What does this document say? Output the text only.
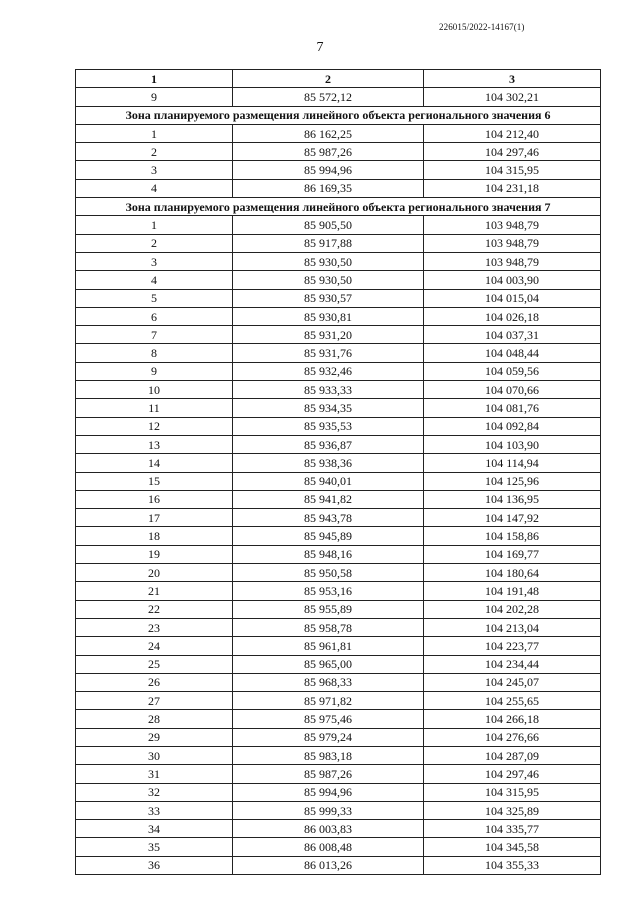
226015/2022-14167(1)
7
1	2	3
9	85 572,12	104 302,21
Зона планируемого размещения линейного объекта регионального значения 6		
1	86 162,25	104 212,40
2	85 987,26	104 297,46
3	85 994,96	104 315,95
4	86 169,35	104 231,18
Зона планируемого размещения линейного объекта регионального значения 7		
1	85 905,50	103 948,79
2	85 917,88	103 948,79
3	85 930,50	103 948,79
4	85 930,50	104 003,90
5	85 930,57	104 015,04
6	85 930,81	104 026,18
7	85 931,20	104 037,31
8	85 931,76	104 048,44
9	85 932,46	104 059,56
10	85 933,33	104 070,66
11	85 934,35	104 081,76
12	85 935,53	104 092,84
13	85 936,87	104 103,90
14	85 938,36	104 114,94
15	85 940,01	104 125,96
16	85 941,82	104 136,95
17	85 943,78	104 147,92
18	85 945,89	104 158,86
19	85 948,16	104 169,77
20	85 950,58	104 180,64
21	85 953,16	104 191,48
22	85 955,89	104 202,28
23	85 958,78	104 213,04
24	85 961,81	104 223,77
25	85 965,00	104 234,44
26	85 968,33	104 245,07
27	85 971,82	104 255,65
28	85 975,46	104 266,18
29	85 979,24	104 276,66
30	85 983,18	104 287,09
31	85 987,26	104 297,46
32	85 994,96	104 315,95
33	85 999,33	104 325,89
34	86 003,83	104 335,77
35	86 008,48	104 345,58
36	86 013,26	104 355,33
